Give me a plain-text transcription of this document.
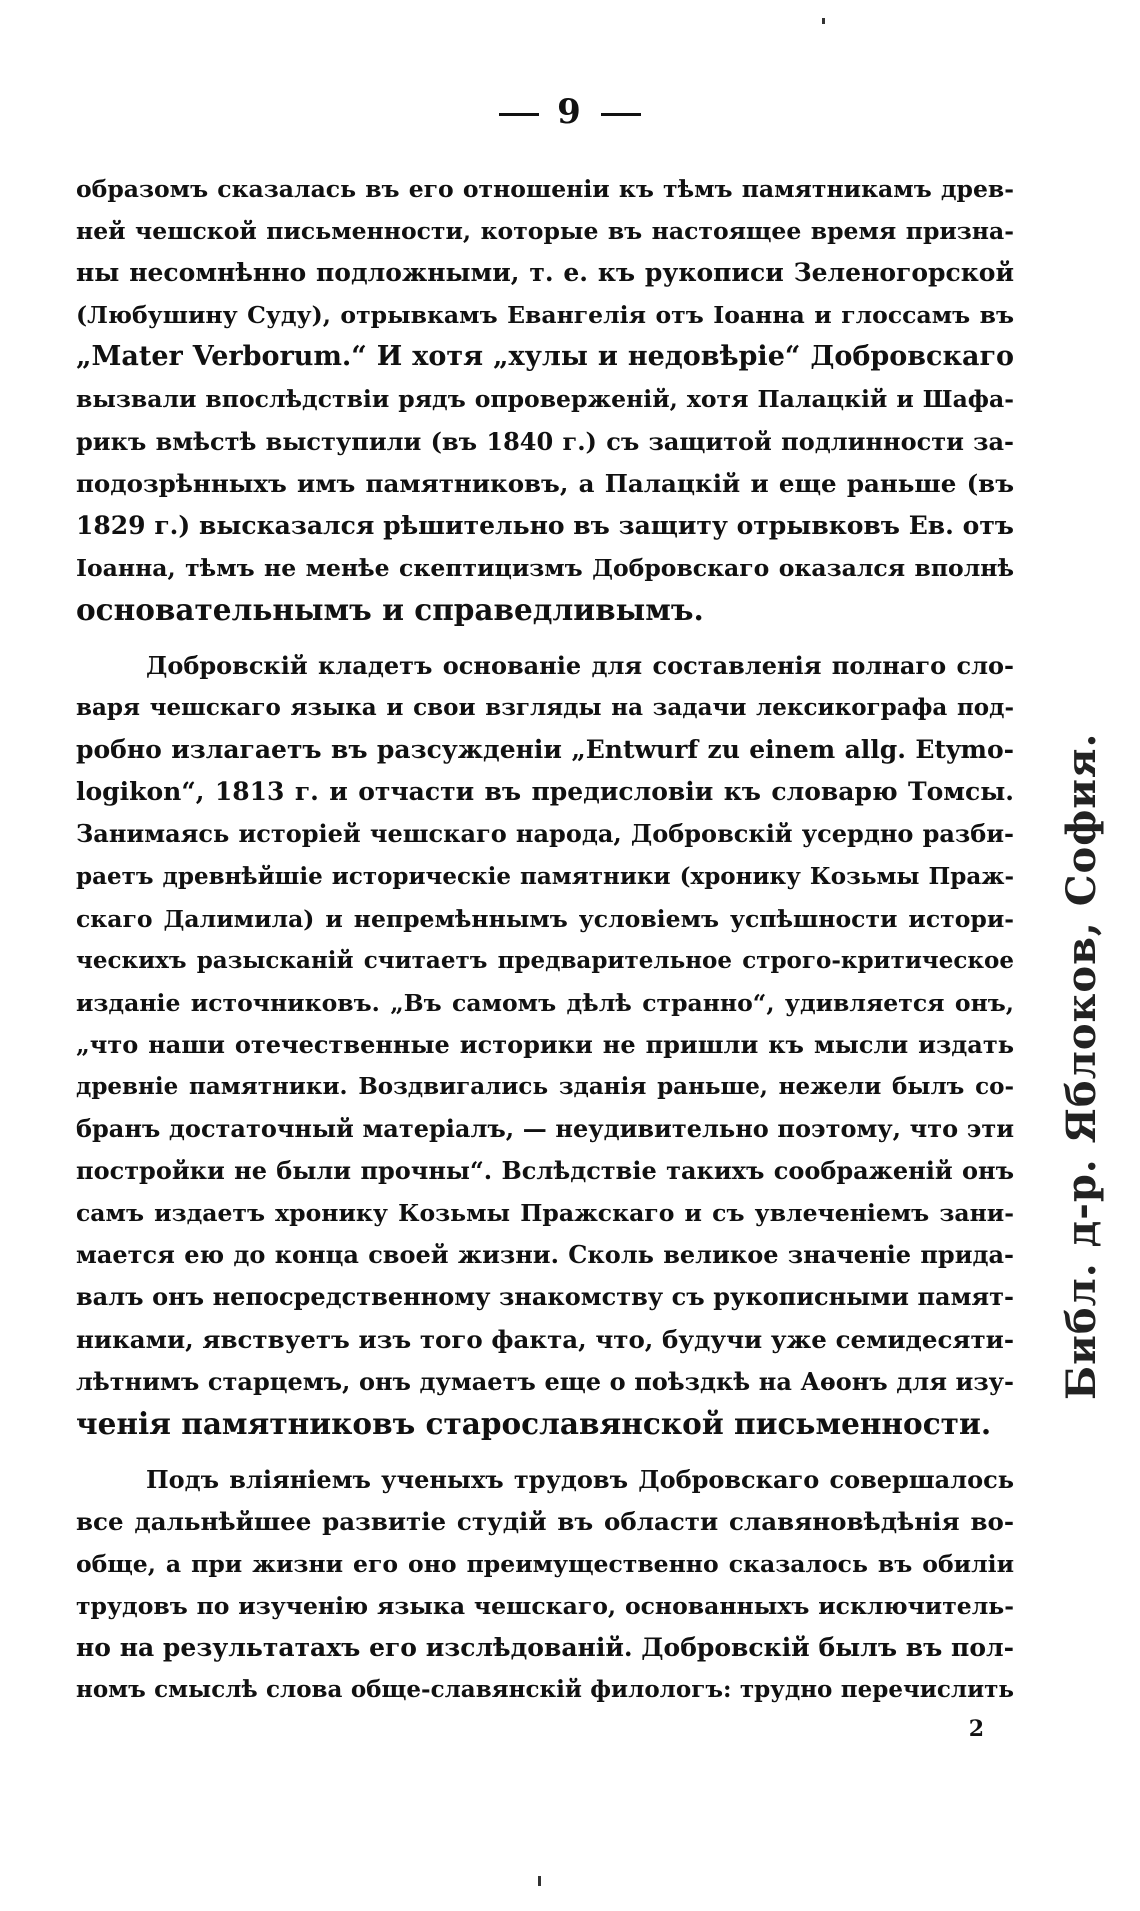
9
образомъ сказалась въ его отношеніи къ тѣмъ памятникамъ древ-
ней чешской письменности, которые въ настоящее время призна-
ны несомнѣнно подложными, т. е. къ рукописи Зеленогорской
(Любушину Суду), отрывкамъ Евангелія отъ Іоанна и глоссамъ въ
„Mater Verborum.“ И хотя „хулы и недовѣріе“ Добровскаго
вызвали впослѣдствіи рядъ опроверженій, хотя Палацкій и Шафа-
рикъ вмѣстѣ выступили (въ 1840 г.) съ защитой подлинности за-
подозрѣнныхъ имъ памятниковъ, а Палацкій и еще раньше (въ
1829 г.) высказался рѣшительно въ защиту отрывковъ Ев. отъ
Іоанна, тѣмъ не менѣе скептицизмъ Добровскаго оказался вполнѣ
основательнымъ и справедливымъ.
Добровскій кладетъ основаніе для составленія полнаго сло-
варя чешскаго языка и свои взгляды на задачи лексикографа под-
робно излагаетъ въ разсужденіи „Entwurf zu einem allg. Etymo-
logikon“, 1813 г. и отчасти въ предисловіи къ словарю Томсы.
Занимаясь исторіей чешскаго народа, Добровскій усердно разби-
раетъ древнѣйшіе историческіе памятники (хронику Козьмы Праж-
скаго Далимила) и непремѣннымъ условіемъ успѣшности истори-
ческихъ разысканій считаетъ предварительное строго-критическое
изданіе источниковъ. „Въ самомъ дѣлѣ странно“, удивляется онъ,
„что наши отечественные историки не пришли къ мысли издать
древніе памятники. Воздвигались зданія раньше, нежели былъ со-
бранъ достаточный матеріалъ, — неудивительно поэтому, что эти
постройки не были прочны“. Вслѣдствіе такихъ соображеній онъ
самъ издаетъ хронику Козьмы Пражскаго и съ увлеченіемъ зани-
мается ею до конца своей жизни. Сколь великое значеніе прида-
валъ онъ непосредственному знакомству съ рукописными памят-
никами, явствуетъ изъ того факта, что, будучи уже семидесяти-
лѣтнимъ старцемъ, онъ думаетъ еще о поѣздкѣ на Аѳонъ для изу-
ченія памятниковъ старославянской письменности.
Подъ вліяніемъ ученыхъ трудовъ Добровскаго совершалось
все дальнѣйшее развитіе студій въ области славяновѣдѣнія во-
обще, а при жизни его оно преимущественно сказалось въ обиліи
трудовъ по изученію языка чешскаго, основанныхъ исключитель-
но на результатахъ его изслѣдованій. Добровскій былъ въ пол-
номъ смыслѣ слова обще-славянскій филологъ: трудно перечислить
2
Библ. д-р. Яблоков, София.
